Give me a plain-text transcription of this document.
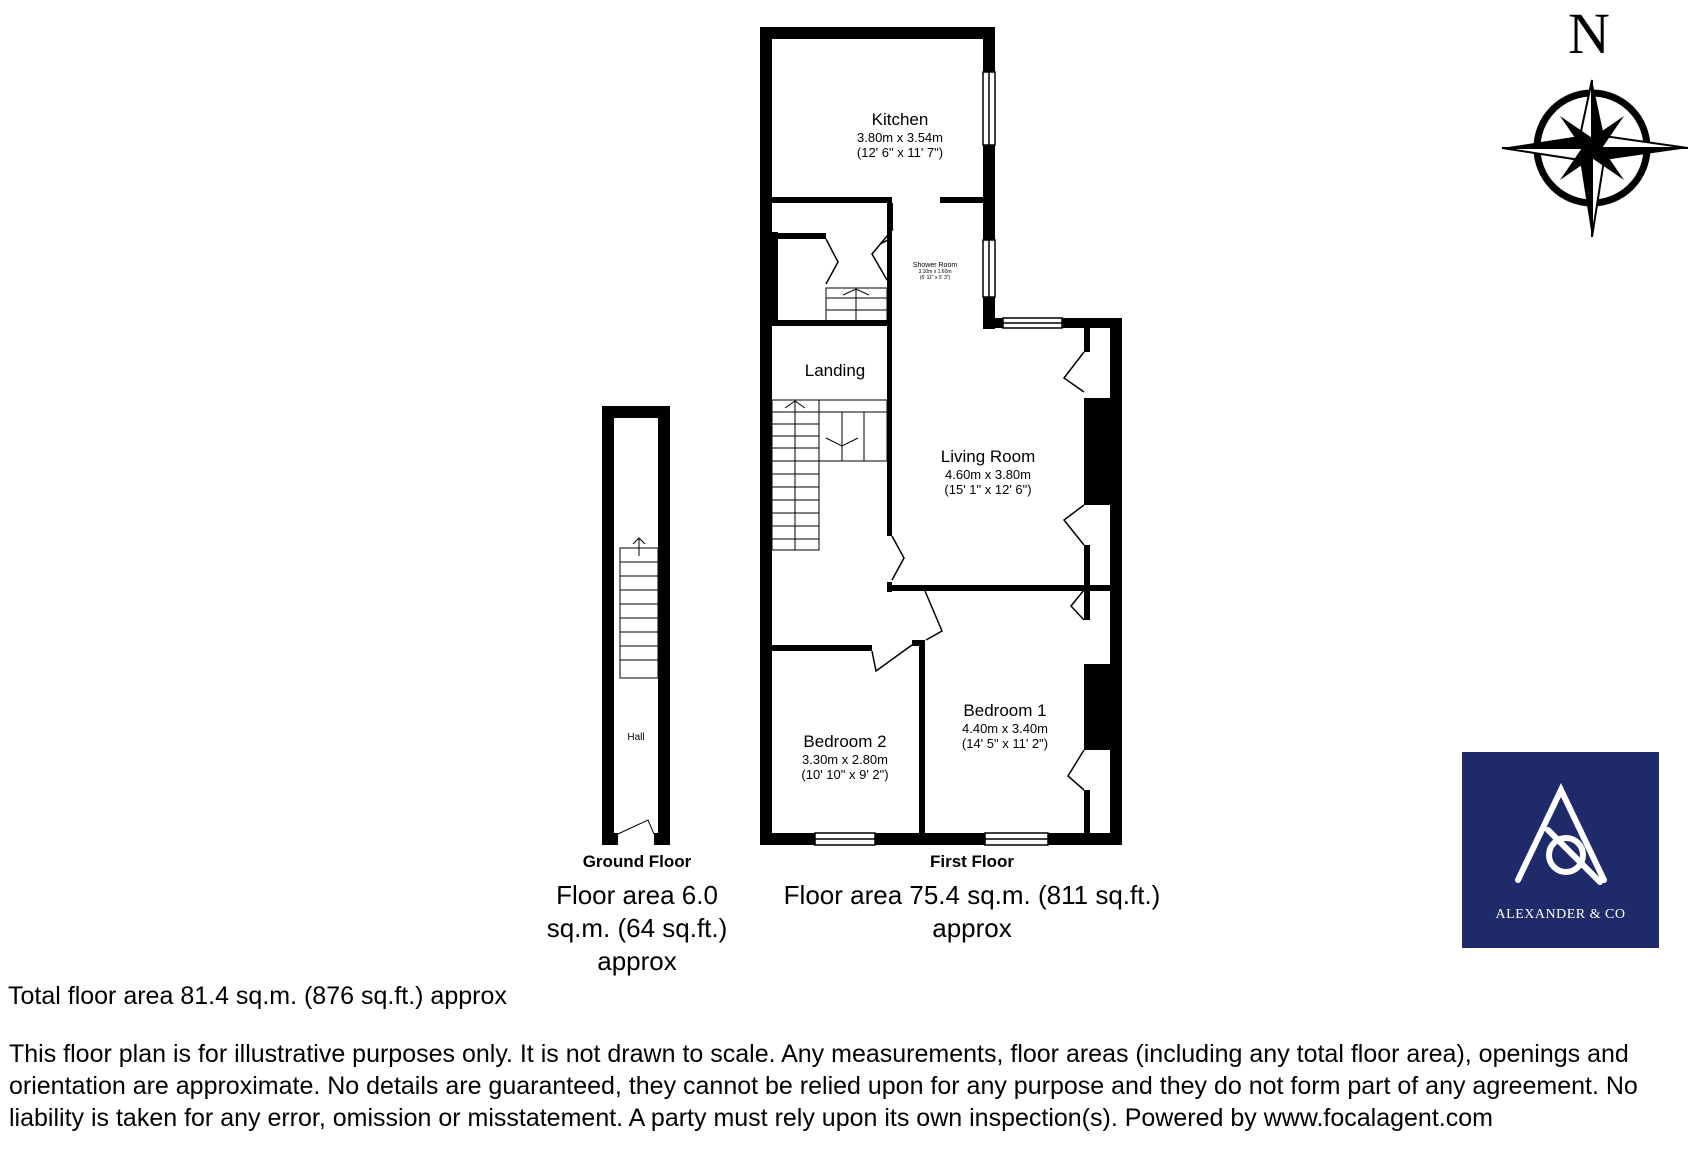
N
Kitchen
3.80m x 3.54m
(12' 6" x 11' 7")
Shower Room
3.10m x 1.60m
(6' 11" x 5' 3")
Landing
Living Room
4.60m x 3.80m
(15' 1" x 12' 6")
Bedroom 1
4.40m x 3.40m
(14' 5" x 11' 2")
Bedroom 2
3.30m x 2.80m
(10' 10" x 9' 2")
Hall
Ground Floor
Floor area 6.0
sq.m. (64 sq.ft.)
approx
First Floor
Floor area 75.4 sq.m. (811 sq.ft.)
approx
Total floor area 81.4 sq.m. (876 sq.ft.) approx
This floor plan is for illustrative purposes only. It is not drawn to scale. Any measurements, floor areas (including any total floor area), openings and orientation are approximate. No details are guaranteed, they cannot be relied upon for any purpose and they do not form part of any agreement. No liability is taken for any error, omission or misstatement. A party must rely upon its own inspection(s). Powered by www.focalagent.com
ALEXANDER & CO
